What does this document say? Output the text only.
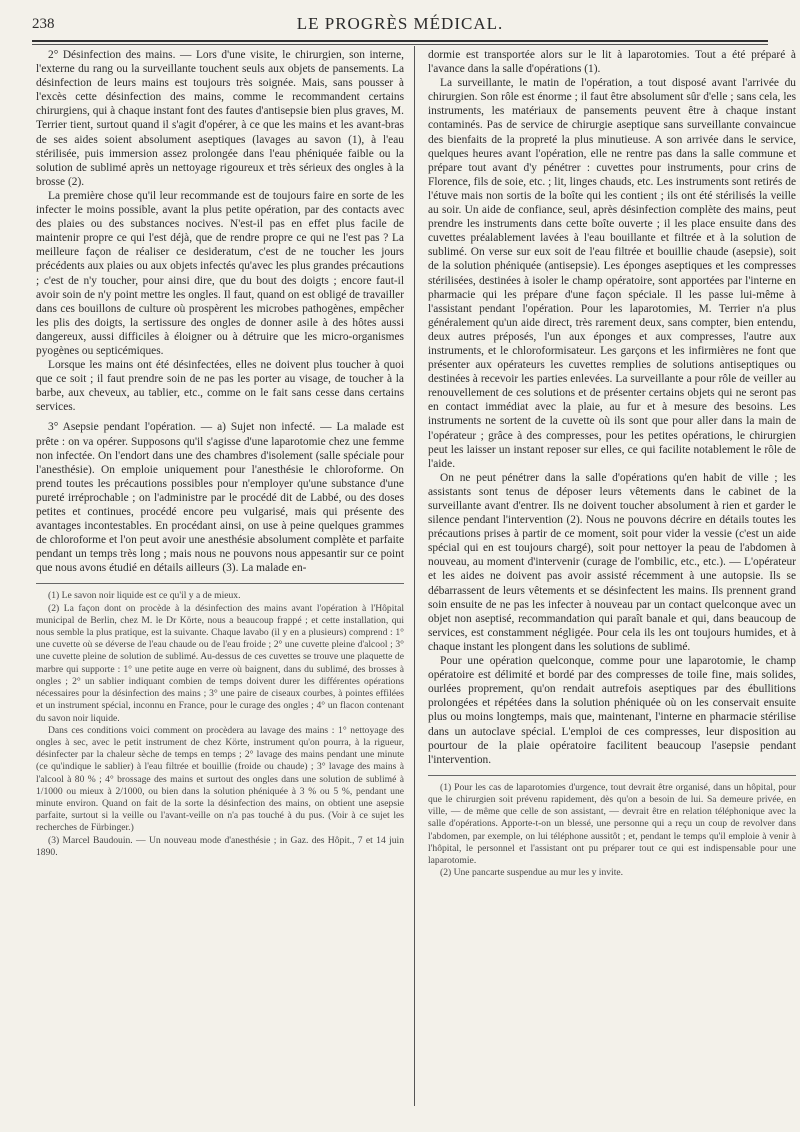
238	LE PROGRÈS MÉDICAL.

2° Désinfection des mains. — Lors d'une visite, le chirurgien, son interne, l'externe du rang ou la surveillante touchent seuls aux objets de pansements. La désinfection de leurs mains est toujours très soignée. Mais, sans pousser à l'excès cette désinfection des mains, comme le recommandent certains chirurgiens, qui à chaque instant font des fautes d'antisepsie bien plus graves, M. Terrier tient, surtout quand il s'agit d'opérer, à ce que les mains et les avant-bras de ses aides soient absolument aseptiques (lavages au savon (1), à l'eau stérilisée, puis immersion assez prolongée dans l'eau phéniquée faible ou la solution de sublimé après un nettoyage rigoureux et très sérieux des ongles à la brosse (2).

La première chose qu'il leur recommande est de toujours faire en sorte de les infecter le moins possible, avant la plus petite opération, par des contacts avec des plaies ou des substances nocives. N'est-il pas en effet plus facile de maintenir propre ce qui l'est déjà, que de rendre propre ce qui ne l'est pas ? La meilleure façon de réaliser ce desideratum, c'est de ne toucher les jours précédents aux plaies ou aux objets infectés qu'avec les plus grandes précautions ; c'est de n'y toucher, pour ainsi dire, que du bout des doigts ; encore faut-il avoir soin de n'y point mettre les ongles. Il faut, quand on est obligé de travailler dans ces bouillons de culture où prospèrent les microbes pathogènes, empêcher les plis des doigts, la sertissure des ongles de donner asile à des hôtes aussi dangereux, aussi difficiles à éloigner ou à détruire que les micro-organismes pyogènes ou septicémiques.

Lorsque les mains ont été désinfectées, elles ne doivent plus toucher à quoi que ce soit ; il faut prendre soin de ne pas les porter au visage, de toucher à la barbe, aux cheveux, au tablier, etc., comme on le fait sans cesse dans certains services.

3° Asepsie pendant l'opération. — a) Sujet non infecté. — La malade est prête : on va opérer. Supposons qu'il s'agisse d'une laparotomie chez une femme non infectée. On l'endort dans une des chambres d'isolement (salle spéciale pour l'anesthésie). On emploie uniquement pour l'anesthésie le chloroforme. On prend toutes les précautions possibles pour n'employer qu'une substance d'une pureté irréprochable ; on l'administre par le procédé dit de Labbé, ou des doses petites et continues, procédé encore peu vulgarisé, mais qui présente des avantages incontestables. En procédant ainsi, on use à peine quelques grammes de chloroforme et l'on peut avoir une anesthésie absolument complète et parfaite pendant un temps très long ; mais nous ne pouvons nous appesantir sur ce point que nous avons étudié en détails ailleurs (3). La malade en-

(1) Le savon noir liquide est ce qu'il y a de mieux.

(2) La façon dont on procède à la désinfection des mains avant l'opération à l'Hôpital municipal de Berlin, chez M. le Dr Körte, nous a beaucoup frappé ; et cette installation, qui nous semble la plus pratique, est la suivante. Chaque lavabo (il y en a plusieurs) comprend : 1° une cuvette où se déverse de l'eau chaude ou de l'eau froide ; 2° une cuvette pleine d'alcool ; 3° une cuvette pleine de solution de sublimé. Au-dessus de ces cuvettes se trouve une plaquette de marbre qui supporte : 1° une petite auge en verre où baignent, dans du sublimé, des brosses à ongles ; 2° un sablier indiquant combien de temps doivent durer les différentes opérations nécessaires pour la désinfection des mains ; 3° une paire de ciseaux courbes, à pointes effilées et un instrument spécial, inconnu en France, pour le curage des ongles ; 4° un flacon contenant du savon noir liquide.

Dans ces conditions voici comment on procèdera au lavage des mains : 1° nettoyage des ongles à sec, avec le petit instrument de chez Körte, instrument qu'on pourra, à la rigueur, désinfecter par la chaleur sèche de temps en temps ; 2° lavage des mains pendant une minute (ce qu'indique le sablier) à l'eau filtrée et bouillie (froide ou chaude) ; 3° lavage des mains à l'alcool à 80 % ; 4° brossage des mains et surtout des ongles dans une solution de sublimé à 1/1000 ou mieux à 2/1000, ou bien dans la solution phéniquée à 3 % ou 5 %, pendant une minute environ. Quand on fait de la sorte la désinfection des mains, on obtient une asepsie parfaite, surtout si la veille ou l'avant-veille on n'a pas touché à du pus. (Voir à ce sujet les recherches de Fürbinger.)

(3) Marcel Baudouin. — Un nouveau mode d'anesthésie ; in Gaz. des Hôpit., 7 et 14 juin 1890.

dormie est transportée alors sur le lit à laparotomies. Tout a été préparé à l'avance dans la salle d'opérations (1).

La surveillante, le matin de l'opération, a tout disposé avant l'arrivée du chirurgien. Son rôle est énorme ; il faut être absolument sûr d'elle ; sans cela, les instruments, les matériaux de pansements peuvent être à chaque instant contaminés. Pas de service de chirurgie aseptique sans surveillante convaincue des bienfaits de la propreté la plus minutieuse. A son arrivée dans le service, quelques heures avant l'opération, elle ne rentre pas dans la salle commune et prépare tout avant d'y pénétrer : cuvettes pour instruments, pour crins de Florence, fils de soie, etc. ; lit, linges chauds, etc. Les instruments sont retirés de l'étuve mais non sortis de la boîte qui les contient ; ils ont été stérilisés la veille au soir. Un aide de confiance, seul, après désinfection complète des mains, peut prendre les instruments dans cette boîte ouverte ; il les place ensuite dans des cuvettes préalablement lavées à l'eau bouillante et filtrée et à la solution de sublimé. On verse sur eux soit de l'eau filtrée et bouillie chaude (asepsie), soit de la solution phéniquée (antisepsie). Les éponges aseptiques et les compresses stérilisées, destinées à isoler le champ opératoire, sont apportées par l'interne en pharmacie qui les prépare d'une façon spéciale. Il les passe lui-même à l'assistant pendant l'opération. Pour les laparotomies, M. Terrier n'a plus généralement qu'un aide direct, très rarement deux, sans compter, bien entendu, deux autres préposés, l'un aux éponges et aux compresses, l'autre aux instruments, et le chloroformisateur. Les garçons et les infirmières ne font que présenter aux opérateurs les cuvettes remplies de solutions antiseptiques ou destinées à recevoir les parties enlevées. La surveillante a pour rôle de veiller au renouvellement de ces solutions et de présenter certains objets qui ne seront pas en contact immédiat avec la plaie, au fur et à mesure des besoins. Les instruments ne sortent de la cuvette où ils sont que pour aller dans la main de l'opérateur ; grâce à des compresses, pour les petites opérations, le chirurgien peut les laisser un instant reposer sur elles, ce qui facilite notablement le rôle de l'aide.

On ne peut pénétrer dans la salle d'opérations qu'en habit de ville ; les assistants sont tenus de déposer leurs vêtements dans le cabinet de la surveillante avant d'entrer. Ils ne doivent toucher absolument à rien et garder le silence pendant l'intervention (2). Nous ne pouvons décrire en détails toutes les précautions prises à partir de ce moment, soit pour vider la vessie (c'est un aide spécial qui en est toujours chargé), soit pour nettoyer la peau de l'abdomen à nouveau, au moment d'intervenir (curage de l'ombilic, etc., etc.). — L'opérateur et les aides ne doivent pas avoir assisté récemment à une autopsie. Ils se débarrassent de leurs vêtements et se désinfectent les mains. Ils prennent grand soin ensuite de ne pas les infecter à nouveau par un contact quelconque avec un objet non aseptisé, recommandation qui paraît banale et qui, dans beaucoup de services, est constamment négligée. Pour cela ils les ont toujours humides, et à chaque instant les plongent dans les solutions de sublimé.

Pour une opération quelconque, comme pour une laparotomie, le champ opératoire est délimité et bordé par des compresses de toile fine, mais solides, ourlées proprement, qu'on rendait autrefois aseptiques par des ébullitions prolongées et répétées dans la solution phéniquée où on les conservait ensuite plus ou moins longtemps, mais que, maintenant, l'interne en pharmacie stérilise dans un autoclave spécial. L'emploi de ces compresses, leur disposition au pourtour de la plaie opératoire facilitent beaucoup l'asepsie pendant l'intervention.

(1) Pour les cas de laparotomies d'urgence, tout devrait être organisé, dans un hôpital, pour que le chirurgien soit prévenu rapidement, dès qu'on a besoin de lui. Sa demeure privée, en ville, — de même que celle de son assistant, — devrait être en relation téléphonique avec la salle d'opérations. Apporte-t-on un blessé, une personne qui a reçu un coup de revolver dans l'abdomen, par exemple, on lui téléphone aussitôt ; et, pendant le temps qu'il emploie à venir à l'hôpital, le personnel et l'assistant ont pu préparer tout ce qui est indispensable pour une laparotomie.

(2) Une pancarte suspendue au mur les y invite.
